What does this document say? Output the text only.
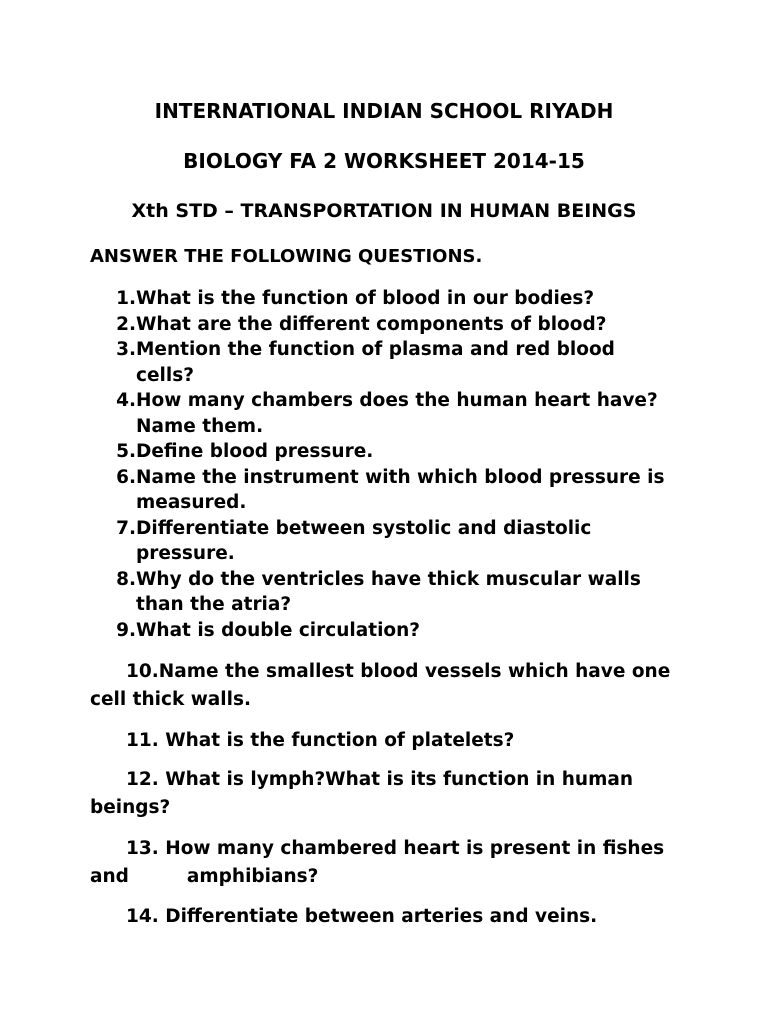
INTERNATIONAL INDIAN SCHOOL RIYADH
BIOLOGY FA 2 WORKSHEET 2014-15
Xth STD – TRANSPORTATION IN HUMAN BEINGS

ANSWER THE FOLLOWING QUESTIONS.

1. What is the function of blood in our bodies?
2. What are the different components of blood?
3. Mention the function of plasma and red blood cells?
4. How many chambers does the human heart have? Name them.
5. Define blood pressure.
6. Name the instrument with which blood pressure is measured.
7. Differentiate between systolic and diastolic pressure.
8. Why do the ventricles have thick muscular walls than the atria?
9. What is double circulation?

10.Name the smallest blood vessels which have one cell thick walls.

11. What is the function of platelets?

12. What is lymph?What is its function in human beings?

13. How many chambered heart is present in fishes and	amphibians?

14. Differentiate between arteries and veins.
